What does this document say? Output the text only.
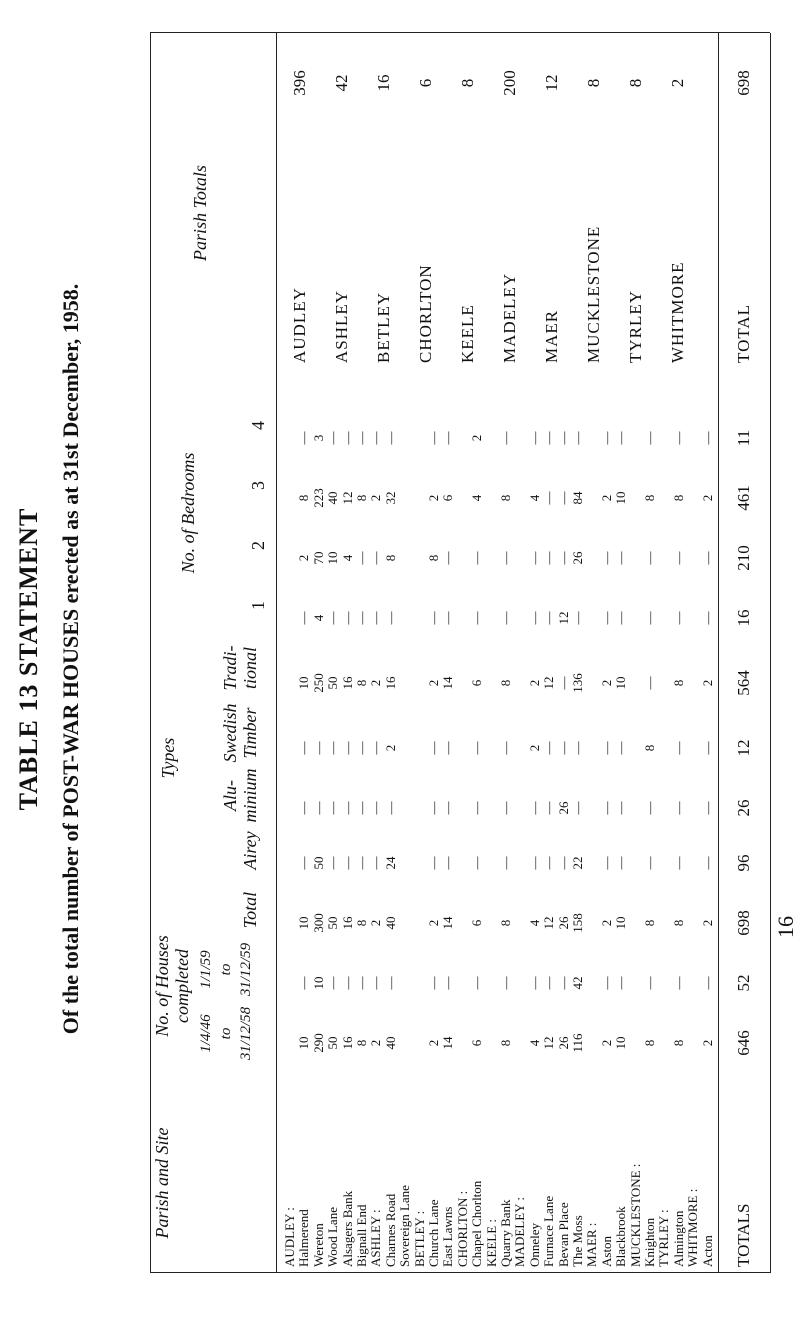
TABLE 13 STATEMENT Of the total number of POST-WAR HOUSES erected as at 31st December, 1958.
Parish and Site
No. of Houses completed
1/4/46 to 31/12/58
1/1/59 to 31/12/59
Total
Types
Airey
Alu- minium
Swedish Timber
Tradi- tional
No. of Bedrooms
1
2
3
4
Parish Totals
AUDLEY : Halmerend
10
—
10
—
—
—
10
—
2
8
—
Wereton
290
10
300
50
—
—
250
4
70
223
3
Wood Lane
50
—
50
—
—
—
50
—
10
40
—
Alsagers Bank
16
—
16
—
—
—
16
—
4
12
—
Bignall End
8
—
8
—
—
—
8
—
—
8
—
ASHLEY :
2
—
2
—
—
—
2
—
—
2
—
Charnes Road
40
—
40
24
—
2
16
—
8
32
—
Sovereign Lane BETLEY : Church Lane
2
—
2
—
—
—
2
—
8
2
—
East Lawns
14
—
14
—
—
—
14
—
—
6
—
CHORLTON : Chapel Chorlton
6
—
6
—
—
—
6
—
—
4
2
KEELE : Quarry Bank
8
—
8
—
—
—
8
—
—
8
—
MADELEY : Onneley
4
—
4
—
—
2
2
—
—
4
—
Furnace Lane
12
—
12
—
—
—
12
—
—
—
—
Bevan Place
26
—
26
—
26
—
—
12
—
—
—
The Moss
116
42
158
22
—
—
136
—
26
84
—
MAER : Aston
2
—
2
—
—
—
2
—
—
2
—
Blackbrook
10
—
10
—
—
—
10
—
—
10
—
MUCKLESTONE : Knighton
8
—
8
—
—
8
—
—
—
8
—
TYRLEY : Almington
8
—
8
—
—
—
8
—
—
8
—
WHITMORE : Acton
2
—
2
—
—
—
2
—
—
2
—
AUDLEY
396
ASHLEY
42
BETLEY
16
CHORLTON
6
KEELE
8
MADELEY
200
MAER
12
MUCKLESTONE
8
TYRLEY
8
WHITMORE
2
TOTALS
646
52
698
96
26
12
564
16
210
461
11
TOTAL
698
16
